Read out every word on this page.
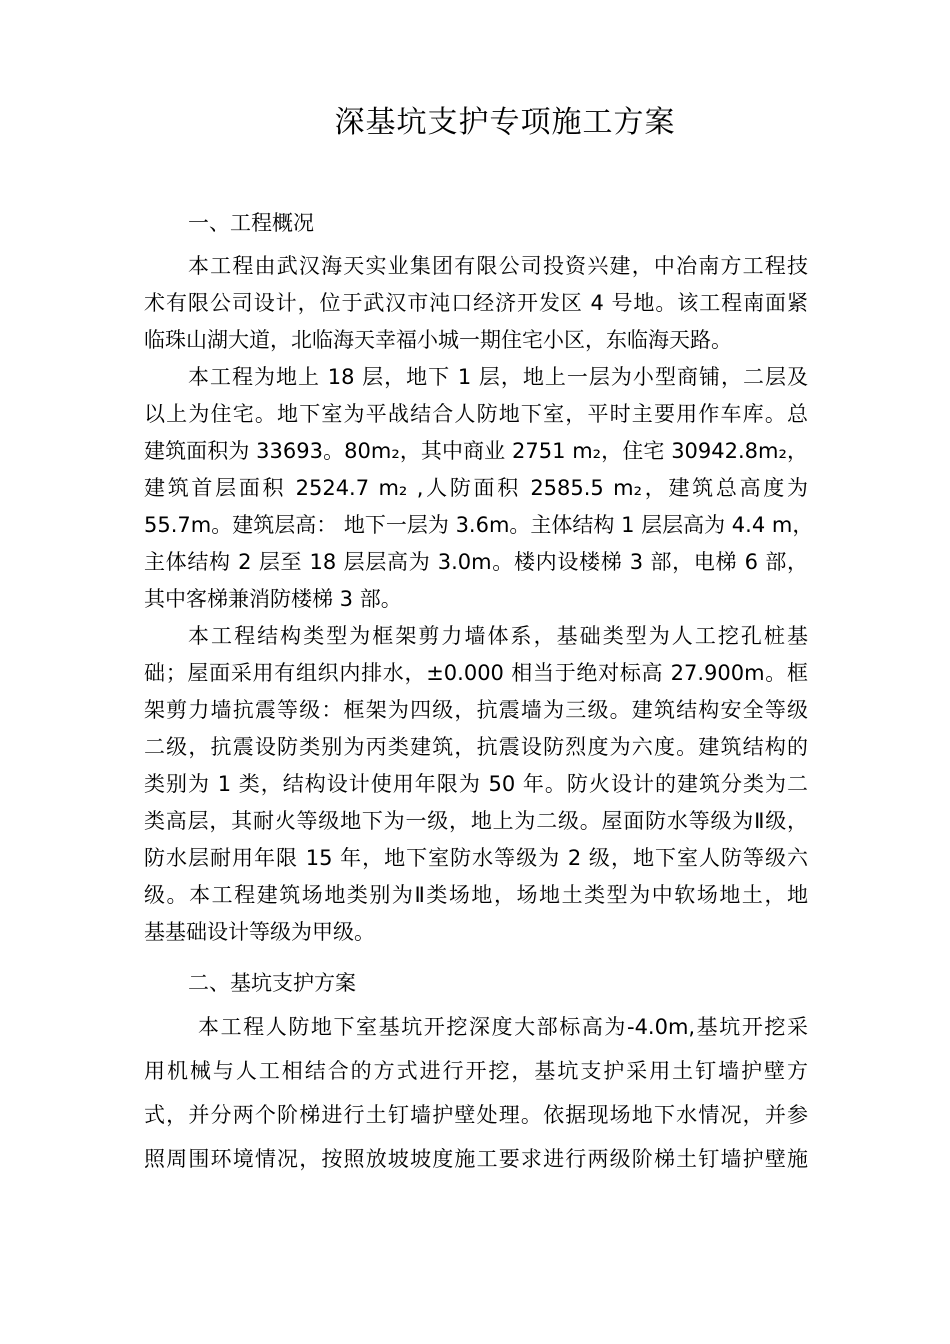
深基坑支护专项施工方案
一、工程概况
本工程由武汉海天实业集团有限公司投资兴建，中冶南方工程技
术有限公司设计，位于武汉市沌口经济开发区 4 号地。该工程南面紧
临珠山湖大道，北临海天幸福小城一期住宅小区，东临海天路。
本工程为地上 18 层，地下 1 层，地上一层为小型商铺，二层及
以上为住宅。地下室为平战结合人防地下室，平时主要用作车库。总
建筑面积为 33693。80m₂，其中商业 2751 m₂，住宅 30942.8m₂，
建筑首层面积 2524.7 m₂ ,人防面积 2585.5 m₂，建筑总高度为
55.7m。建筑层高： 地下一层为 3.6m。主体结构 1 层层高为 4.4 m，
主体结构 2 层至 18 层层高为 3.0m。楼内设楼梯 3 部，电梯 6 部，
其中客梯兼消防楼梯 3 部。
本工程结构类型为框架剪力墙体系，基础类型为人工挖孔桩基
础；屋面采用有组织内排水，±0.000 相当于绝对标高 27.900m。框
架剪力墙抗震等级：框架为四级，抗震墙为三级。建筑结构安全等级
二级，抗震设防类别为丙类建筑，抗震设防烈度为六度。建筑结构的
类别为 1 类，结构设计使用年限为 50 年。防火设计的建筑分类为二
类高层，其耐火等级地下为一级，地上为二级。屋面防水等级为Ⅱ级，
防水层耐用年限 15 年，地下室防水等级为 2 级，地下室人防等级六
级。本工程建筑场地类别为Ⅱ类场地，场地土类型为中软场地土，地
基基础设计等级为甲级。
二、基坑支护方案
本工程人防地下室基坑开挖深度大部标高为-4.0m,基坑开挖采
用机械与人工相结合的方式进行开挖，基坑支护采用土钉墙护壁方
式，并分两个阶梯进行土钉墙护壁处理。依据现场地下水情况，并参
照周围环境情况，按照放坡坡度施工要求进行两级阶梯土钉墙护壁施
